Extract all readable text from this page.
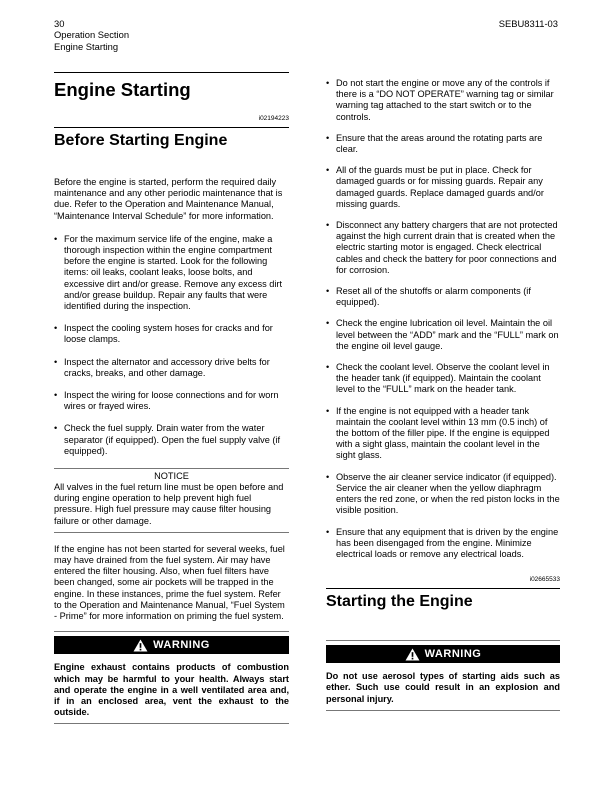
30
Operation Section
Engine Starting
SEBU8311-03
Engine Starting
i02194223
Before Starting Engine

Before the engine is started, perform the required daily maintenance and any other periodic maintenance that is due. Refer to the Operation and Maintenance Manual, “Maintenance Interval Schedule” for more information.

• For the maximum service life of the engine, make a thorough inspection within the engine compartment before the engine is started. Look for the following items: oil leaks, coolant leaks, loose bolts, and excessive dirt and/or grease. Remove any excess dirt and/or grease buildup. Repair any faults that were identified during the inspection.
• Inspect the cooling system hoses for cracks and for loose clamps.
• Inspect the alternator and accessory drive belts for cracks, breaks, and other damage.
• Inspect the wiring for loose connections and for worn wires or frayed wires.
• Check the fuel supply. Drain water from the water separator (if equipped). Open the fuel supply valve (if equipped).
NOTICE

All valves in the fuel return line must be open before and during engine operation to help prevent high fuel pressure. High fuel pressure may cause filter housing failure or other damage.

If the engine has not been started for several weeks, fuel may have drained from the fuel system. Air may have entered the filter housing. Also, when fuel filters have been changed, some air pockets will be trapped in the engine. In these instances, prime the fuel system. Refer to the Operation and Maintenance Manual, “Fuel System - Prime” for more information on priming the fuel system.

WARNING
Engine exhaust contains products of combustion which may be harmful to your health. Always start and operate the engine in a well ventilated area and, if in an enclosed area, vent the exhaust to the outside.
• Do not start the engine or move any of the controls if there is a “DO NOT OPERATE” warning tag or similar warning tag attached to the start switch or to the controls.
• Ensure that the areas around the rotating parts are clear.
• All of the guards must be put in place. Check for damaged guards or for missing guards. Repair any damaged guards. Replace damaged guards and/or missing guards.
• Disconnect any battery chargers that are not protected against the high current drain that is created when the electric starting motor is engaged. Check electrical cables and check the battery for poor connections and for corrosion.
• Reset all of the shutoffs or alarm components (if equipped).
• Check the engine lubrication oil level. Maintain the oil level between the “ADD” mark and the “FULL” mark on the engine oil level gauge.
• Check the coolant level. Observe the coolant level in the header tank (if equipped). Maintain the coolant level to the “FULL” mark on the header tank.
• If the engine is not equipped with a header tank maintain the coolant level within 13 mm (0.5 inch) of the bottom of the filler pipe. If the engine is equipped with a sight glass, maintain the coolant level in the sight glass.
• Observe the air cleaner service indicator (if equipped). Service the air cleaner when the yellow diaphragm enters the red zone, or when the red piston locks in the visible position.
• Ensure that any equipment that is driven by the engine has been disengaged from the engine. Minimize electrical loads or remove any electrical loads.
i02665533
Starting the Engine
WARNING
Do not use aerosol types of starting aids such as ether. Such use could result in an explosion and personal injury.
